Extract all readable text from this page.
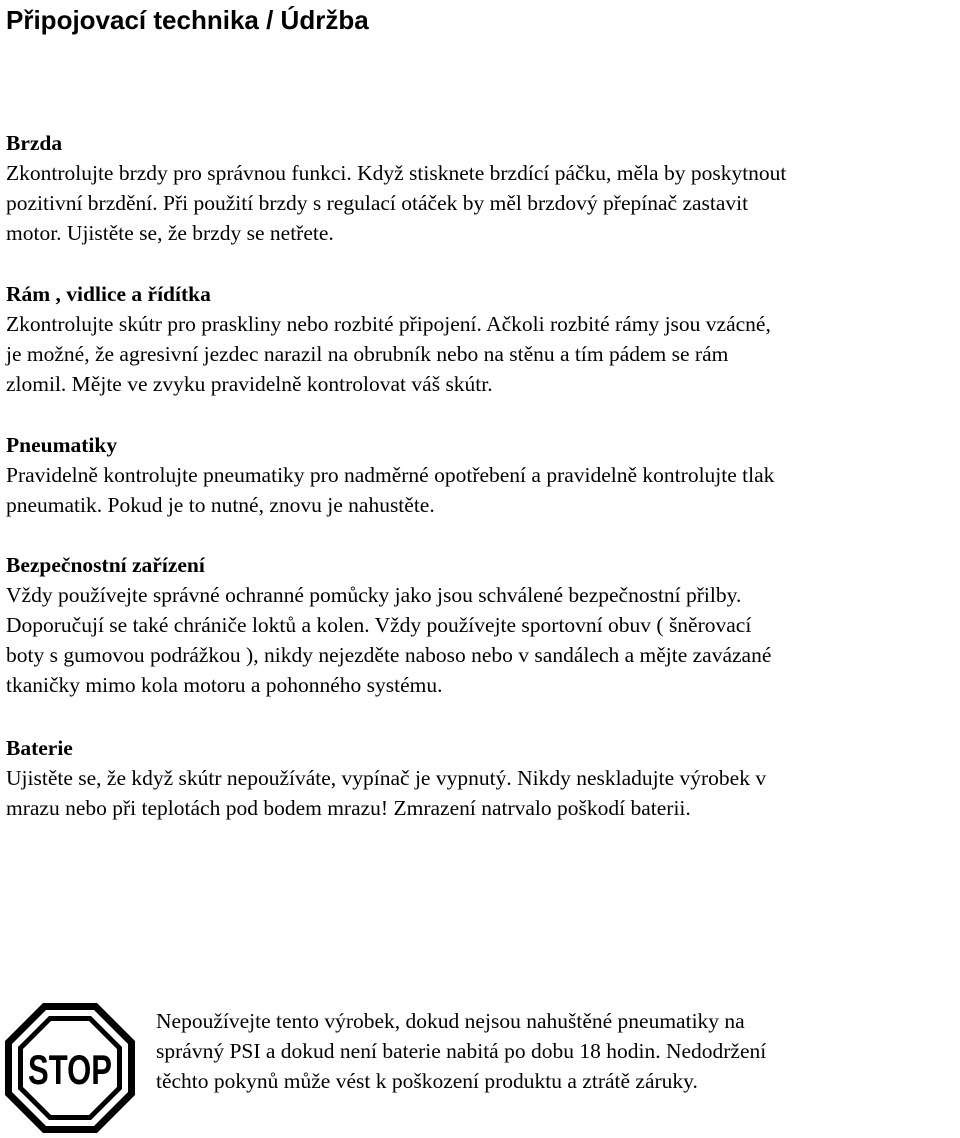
Připojovací technika / Údržba
Brzda
Zkontrolujte brzdy pro správnou funkci. Když stisknete brzdící páčku, měla by poskytnout
pozitivní brzdění. Při použití brzdy s regulací otáček by měl brzdový přepínač zastavit
motor. Ujistěte se, že brzdy se netřete.
Rám , vidlice a řídítka
Zkontrolujte skútr pro praskliny nebo rozbité připojení. Ačkoli rozbité rámy jsou vzácné,
je možné, že agresivní jezdec narazil na obrubník nebo na stěnu a tím pádem se rám
zlomil. Mějte ve zvyku pravidelně kontrolovat váš skútr.
Pneumatiky
Pravidelně kontrolujte pneumatiky pro nadměrné opotřebení a pravidelně kontrolujte tlak
pneumatik. Pokud je to nutné, znovu je nahustěte.
Bezpečnostní zařízení
Vždy používejte správné ochranné pomůcky jako jsou schválené bezpečnostní přilby.
Doporučují se také chrániče loktů a kolen. Vždy používejte sportovní obuv ( šněrovací
boty s gumovou podrážkou ), nikdy nejezděte naboso nebo v sandálech a mějte zavázané
tkaničky mimo kola motoru a pohonného systému.
Baterie
Ujistěte se, že když skútr nepoužíváte, vypínač je vypnutý. Nikdy neskladujte výrobek v
mrazu nebo při teplotách pod bodem mrazu! Zmrazení natrvalo poškodí baterii.
STOP
Nepoužívejte tento výrobek, dokud nejsou nahuštěné pneumatiky na
správný PSI a dokud není baterie nabitá po dobu 18 hodin. Nedodržení
těchto pokynů může vést k poškození produktu a ztrátě záruky.
